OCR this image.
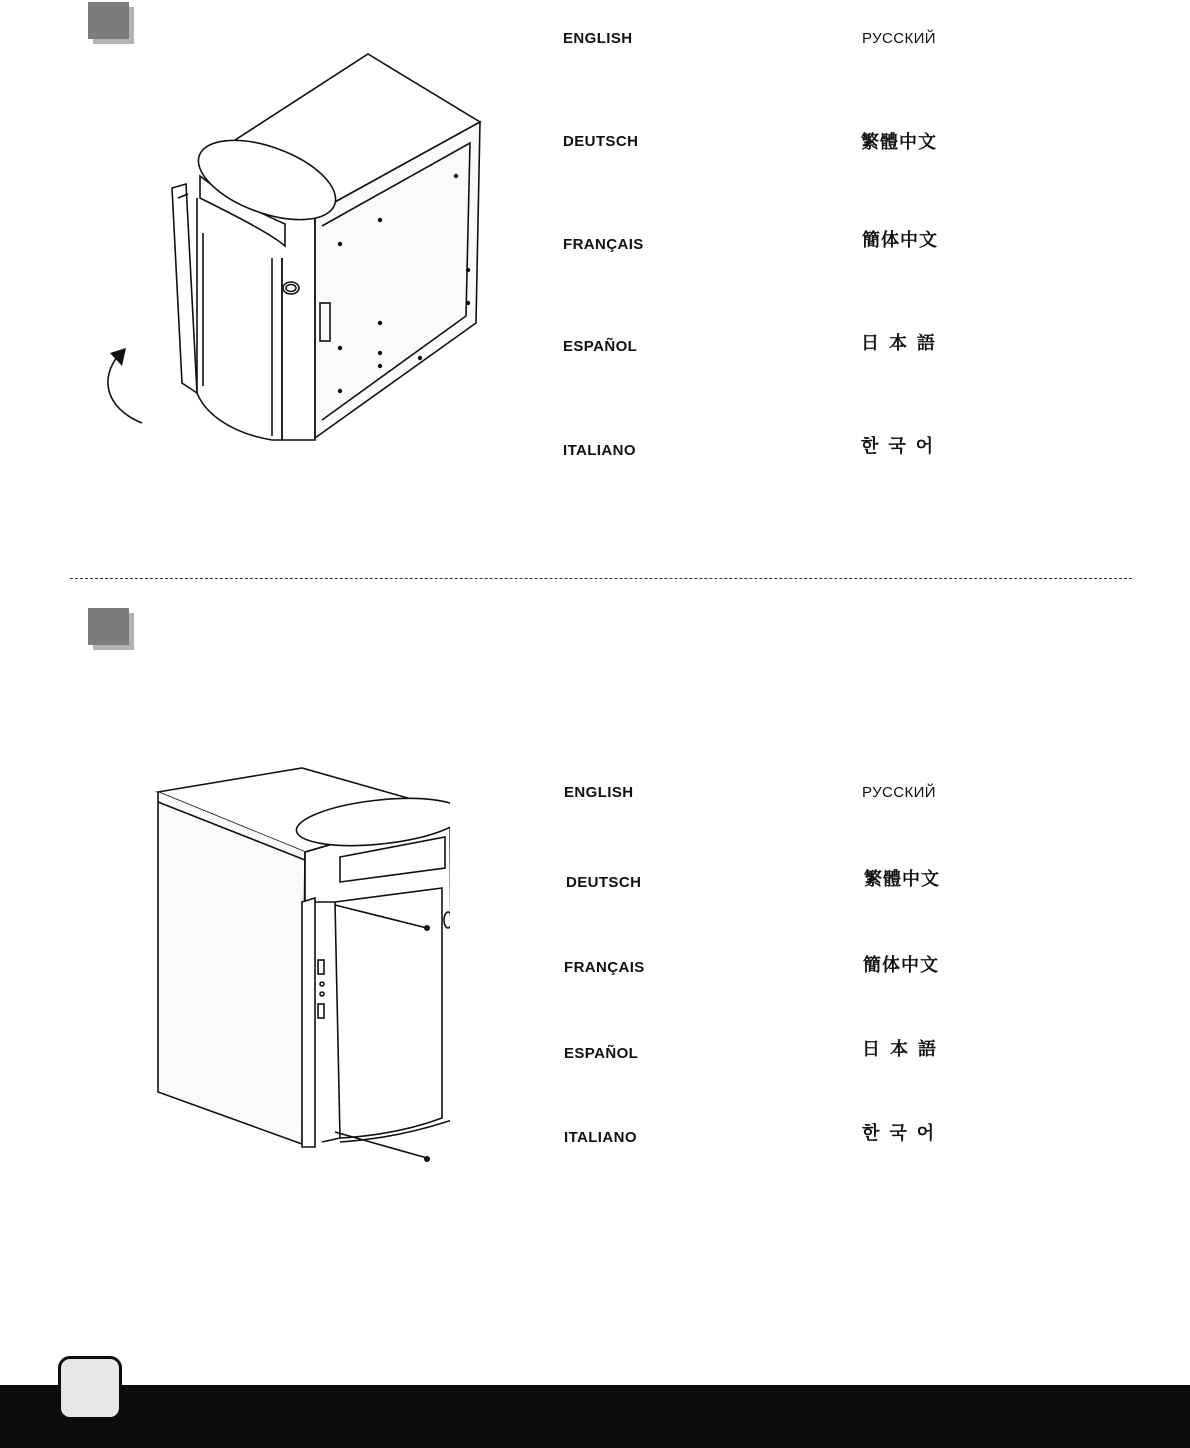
ENGLISH	РУССКИЙ
DEUTSCH	繁體中文
FRANÇAIS	簡体中文
ESPAÑOL	日本語
ITALIANO	한국어
ENGLISH	РУССКИЙ
DEUTSCH	繁體中文
FRANÇAIS	簡体中文
ESPAÑOL	日本語
ITALIANO	한국어
